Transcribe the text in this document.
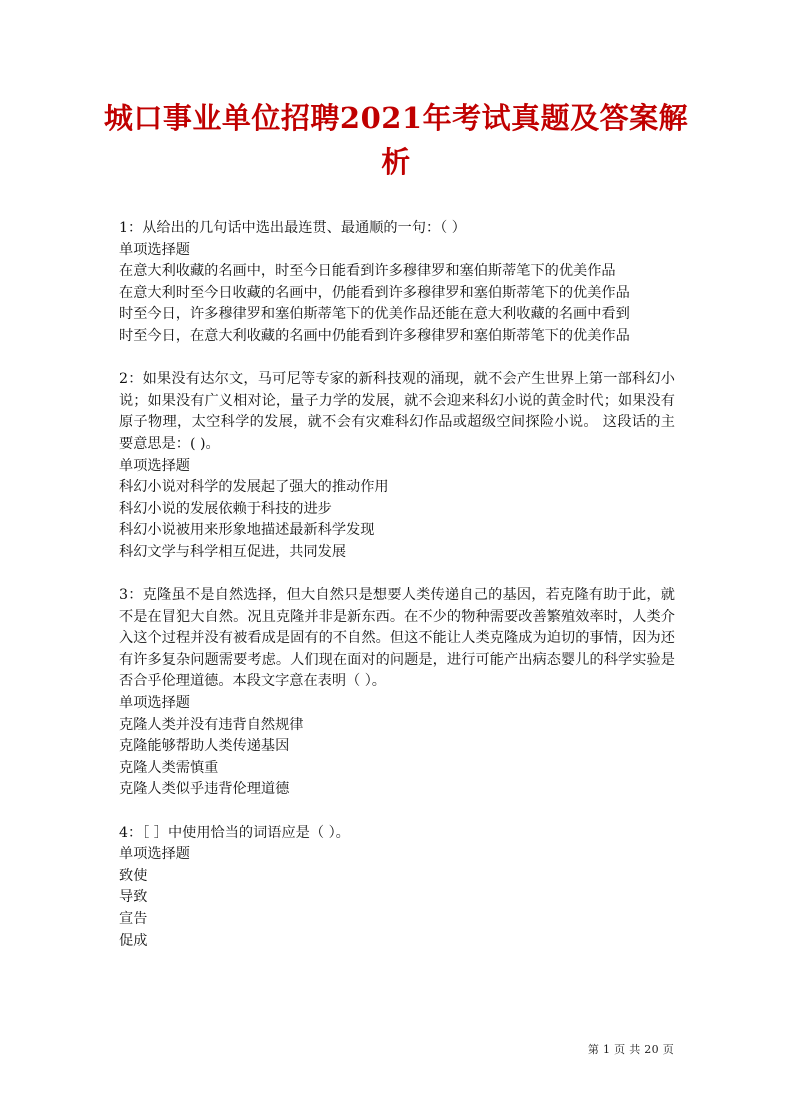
城口事业单位招聘2021年考试真题及答案解析
1：从给出的几句话中选出最连贯、最通顺的一句：（ ）
单项选择题
在意大利收藏的名画中，时至今日能看到许多穆律罗和塞伯斯蒂笔下的优美作品
在意大利时至今日收藏的名画中，仍能看到许多穆律罗和塞伯斯蒂笔下的优美作品
时至今日，许多穆律罗和塞伯斯蒂笔下的优美作品还能在意大利收藏的名画中看到
时至今日，在意大利收藏的名画中仍能看到许多穆律罗和塞伯斯蒂笔下的优美作品
2：如果没有达尔文，马可尼等专家的新科技观的涌现，就不会产生世界上第一部科幻小说；如果没有广义相对论，量子力学的发展，就不会迎来科幻小说的黄金时代；如果没有原子物理，太空科学的发展，就不会有灾难科幻作品或超级空间探险小说。 这段话的主要意思是：( )。
单项选择题
科幻小说对科学的发展起了强大的推动作用
科幻小说的发展依赖于科技的进步
科幻小说被用来形象地描述最新科学发现
科幻文学与科学相互促进，共同发展
3：克隆虽不是自然选择，但大自然只是想要人类传递自己的基因，若克隆有助于此，就不是在冒犯大自然。况且克隆并非是新东西。在不少的物种需要改善繁殖效率时，人类介入这个过程并没有被看成是固有的不自然。但这不能让人类克隆成为迫切的事情，因为还有许多复杂问题需要考虑。人们现在面对的问题是，进行可能产出病态婴儿的科学实验是否合乎伦理道德。本段文字意在表明（ ）。
单项选择题
克隆人类并没有违背自然规律
克隆能够帮助人类传递基因
克隆人类需慎重
克隆人类似乎违背伦理道德
4：［ ］中使用恰当的词语应是（ ）。
单项选择题
致使
导致
宣告
促成
第 1 页 共 20 页
